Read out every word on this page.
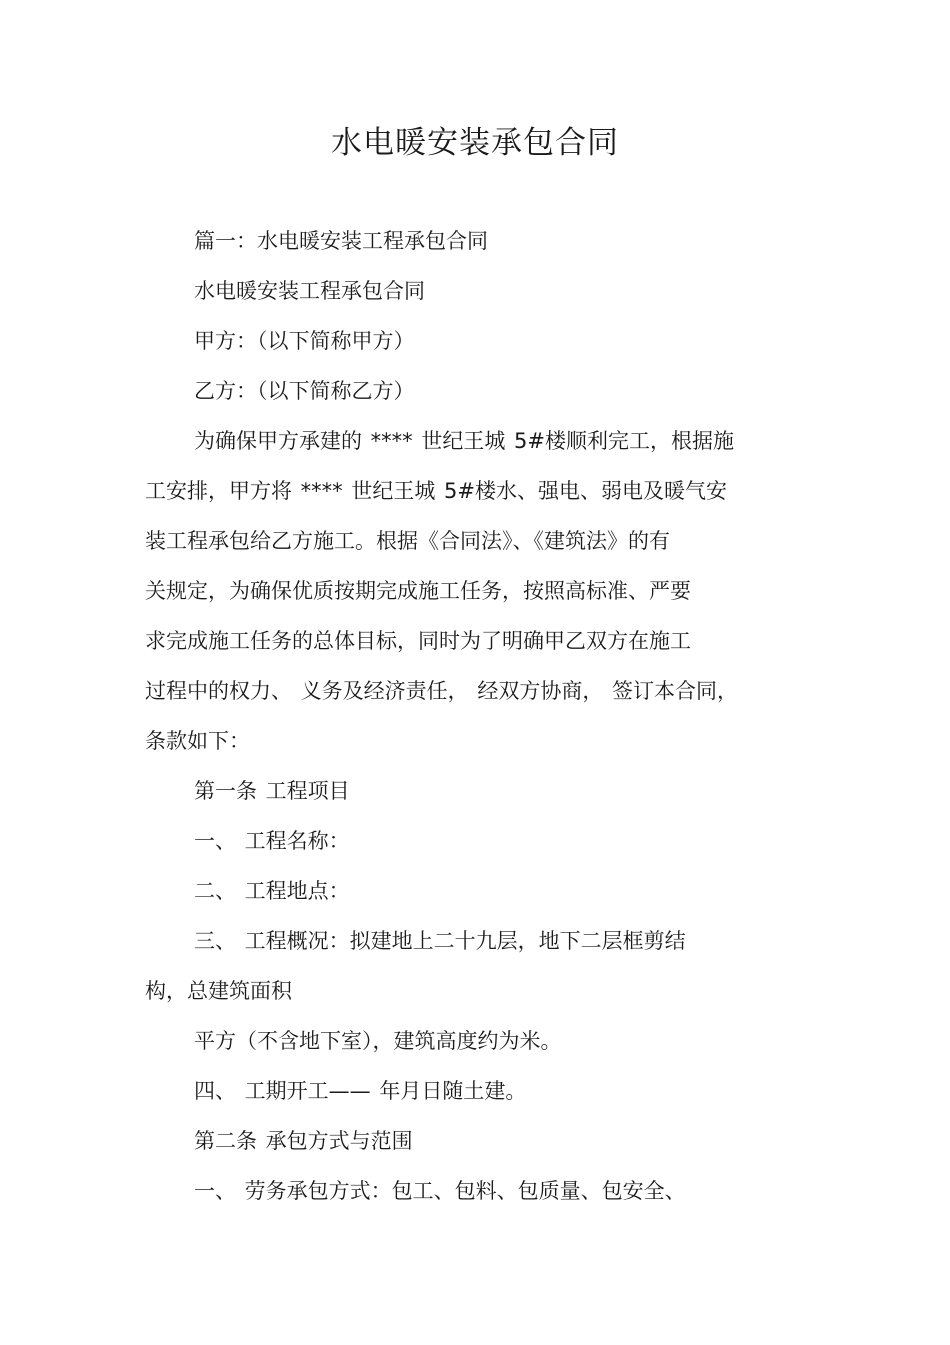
水电暖安装承包合同
篇一：水电暖安装工程承包合同
水电暖安装工程承包合同
甲方：（以下简称甲方）
乙方：（以下简称乙方）
为确保甲方承建的 **** 世纪王城 5#楼顺利完工，根据施
工安排，甲方将 **** 世纪王城 5#楼水、强电、弱电及暖气安
装工程承包给乙方施工。根据《合同法》、《建筑法》的有
关规定，为确保优质按期完成施工任务，按照高标准、严要
求完成施工任务的总体目标，同时为了明确甲乙双方在施工
过程中的权力、 义务及经济责任， 经双方协商， 签订本合同，
条款如下：
第一条 工程项目
一、 工程名称：
二、 工程地点：
三、 工程概况：拟建地上二十九层，地下二层框剪结
构，总建筑面积
平方（不含地下室），建筑高度约为米。
四、 工期开工—— 年月日随土建。
第二条 承包方式与范围
一、 劳务承包方式：包工、包料、包质量、包安全、
